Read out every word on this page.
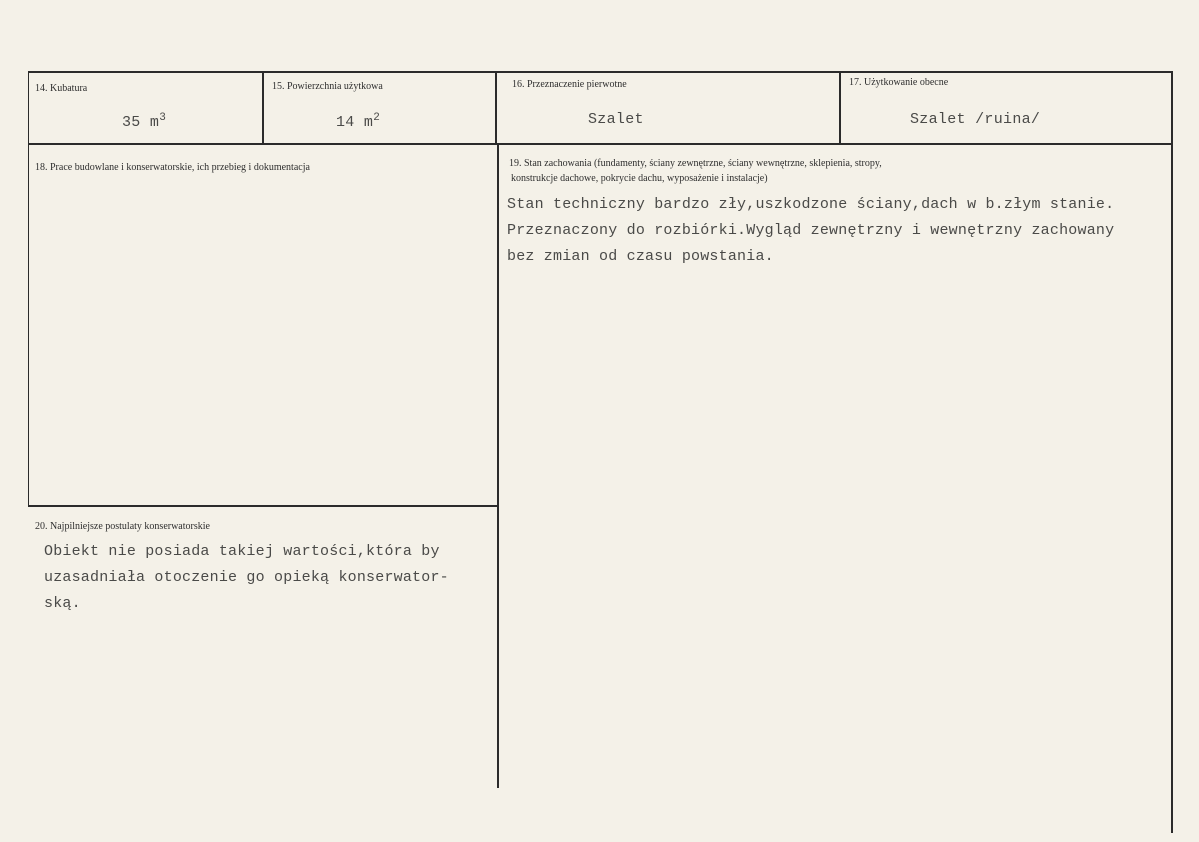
14. Kubatura
35 $m^3$
15. Powierzchnia użytkowa
14 $m^2$
16. Przeznaczenie pierwotne
Szalet
17. Użytkowanie obecne
Szalet /ruina/
18. Prace budowlane i konserwatorskie, ich przebieg i dokumentacja	19. Stan zachowania (fundamenty, ściany zewnętrzne, ściany wewnętrzne, sklepienia, stropy,
konstrukcje dachowe, pokrycie dachu, wyposażenie i instalacje)
Stan techniczny bardzo zły,uszkodzone ściany,dach w b.złym stanie.
Przeznaczony do rozbiórki.Wygląd zewnętrzny i wewnętrzny zachowany
bez zmian od czasu powstania.
20. Najpilniejsze postulaty konserwatorskie
Obiekt nie posiada takiej wartości,która by
uzasadniała otoczenie go opieką konserwator-
ską.
